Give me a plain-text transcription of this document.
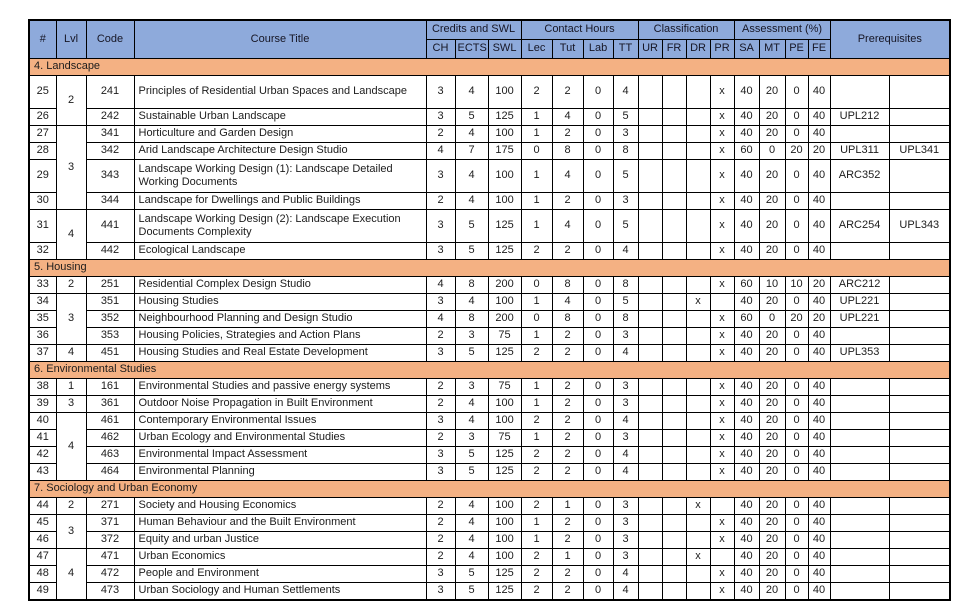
#	Lvl	Code	Course Title	Credits and SWL			Contact Hours				Classification				Assessment (%)				Prerequisites	
				CH	ECTS	SWL	Lec	Tut	Lab	TT	UR	FR	DR	PR	SA	MT	PE	FE		
4. Landscape																				
25	2	241	Principles of Residential Urban Spaces and Landscape	3	4	100	2	2	0	4				x	40	20	0	40		
26		242	Sustainable Urban Landscape	3	5	125	1	4	0	5				x	40	20	0	40	UPL212	
27	3	341	Horticulture and Garden Design	2	4	100	1	2	0	3				x	40	20	0	40		
28		342	Arid Landscape Architecture Design Studio	4	7	175	0	8	0	8				x	60	0	20	20	UPL311	UPL341
29		343	Landscape Working Design (1): Landscape Detailed Working Documents	3	4	100	1	4	0	5				x	40	20	0	40	ARC352	
30		344	Landscape for Dwellings and Public Buildings	2	4	100	1	2	0	3				x	40	20	0	40		
31	4	441	Landscape Working Design (2): Landscape Execution Documents Complexity	3	5	125	1	4	0	5				x	40	20	0	40	ARC254	UPL343
32		442	Ecological Landscape	3	5	125	2	2	0	4				x	40	20	0	40		
5. Housing																				
33	2	251	Residential Complex Design Studio	4	8	200	0	8	0	8				x	60	10	10	20	ARC212	
34	3	351	Housing Studies	3	4	100	1	4	0	5			x		40	20	0	40	UPL221	
35		352	Neighbourhood Planning and Design Studio	4	8	200	0	8	0	8				x	60	0	20	20	UPL221	
36		353	Housing Policies, Strategies and Action Plans	2	3	75	1	2	0	3				x	40	20	0	40		
37	4	451	Housing Studies and Real Estate Development	3	5	125	2	2	0	4				x	40	20	0	40	UPL353	
6. Environmental Studies																				
38	1	161	Environmental Studies and passive energy systems	2	3	75	1	2	0	3				x	40	20	0	40		
39	3	361	Outdoor Noise Propagation in Built Environment	2	4	100	1	2	0	3				x	40	20	0	40		
40	4	461	Contemporary Environmental Issues	3	4	100	2	2	0	4				x	40	20	0	40		
41		462	Urban Ecology and Environmental Studies	2	3	75	1	2	0	3				x	40	20	0	40		
42		463	Environmental Impact Assessment	3	5	125	2	2	0	4				x	40	20	0	40		
43		464	Environmental Planning	3	5	125	2	2	0	4				x	40	20	0	40		
7. Sociology and Urban Economy																				
44	2	271	Society and Housing Economics	2	4	100	2	1	0	3			x		40	20	0	40		
45	3	371	Human Behaviour and the Built Environment	2	4	100	1	2	0	3				x	40	20	0	40		
46		372	Equity and urban Justice	2	4	100	1	2	0	3				x	40	20	0	40		
47	4	471	Urban Economics	2	4	100	2	1	0	3			x		40	20	0	40		
48		472	People and Environment	3	5	125	2	2	0	4				x	40	20	0	40		
49		473	Urban Sociology and Human Settlements	3	5	125	2	2	0	4				x	40	20	0	40		
